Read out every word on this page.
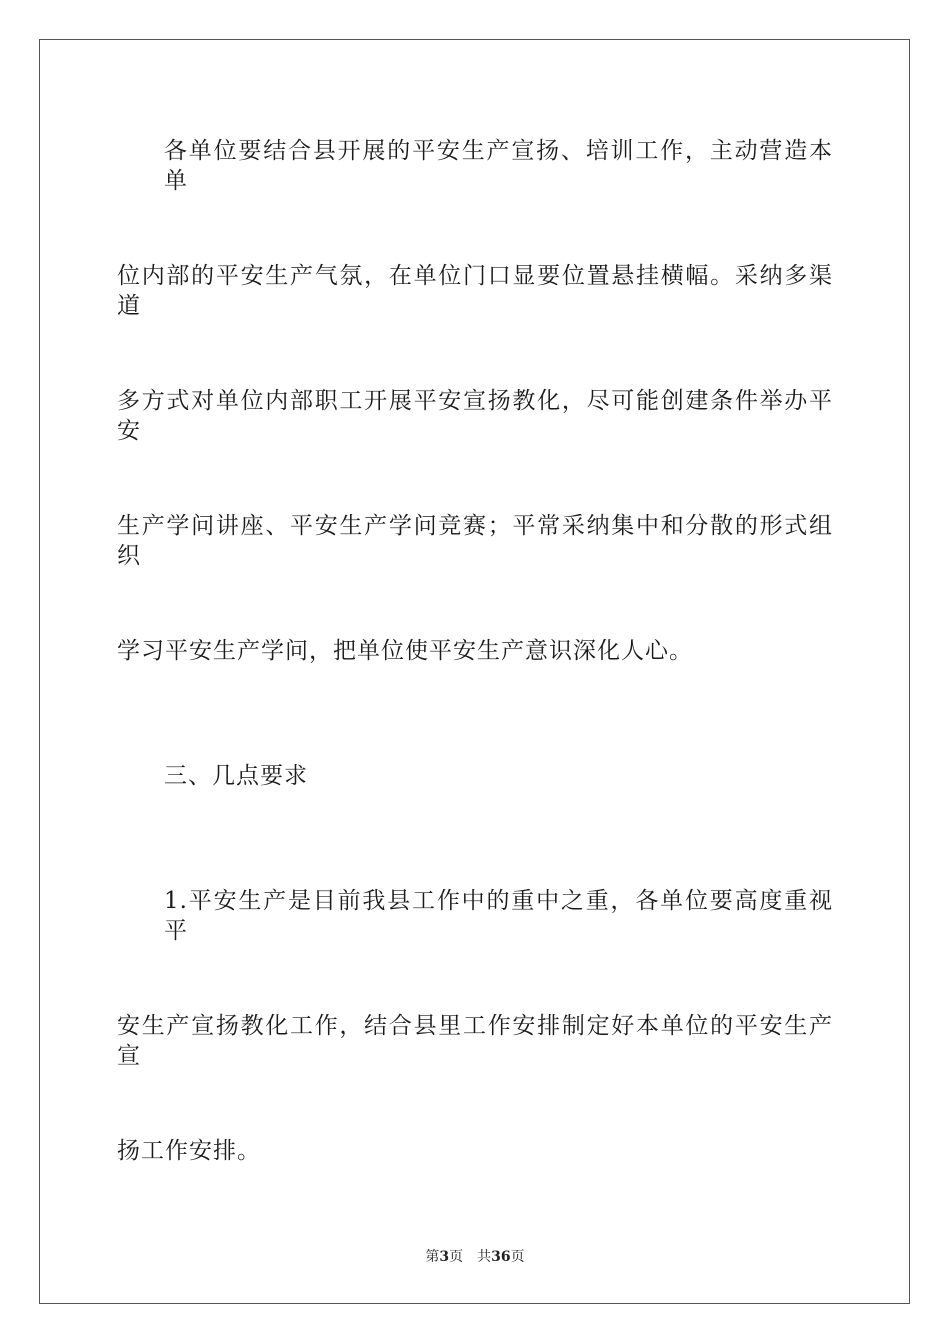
各单位要结合县开展的平安生产宣扬、培训工作，主动营造本单
位内部的平安生产气氛，在单位门口显要位置悬挂横幅。采纳多渠道
多方式对单位内部职工开展平安宣扬教化，尽可能创建条件举办平安
生产学问讲座、平安生产学问竞赛；平常采纳集中和分散的形式组织
学习平安生产学问，把单位使平安生产意识深化人心。
三、几点要求
1.平安生产是目前我县工作中的重中之重，各单位要高度重视平
安生产宣扬教化工作，结合县里工作安排制定好本单位的平安生产宣
扬工作安排。
第3页 共36页
